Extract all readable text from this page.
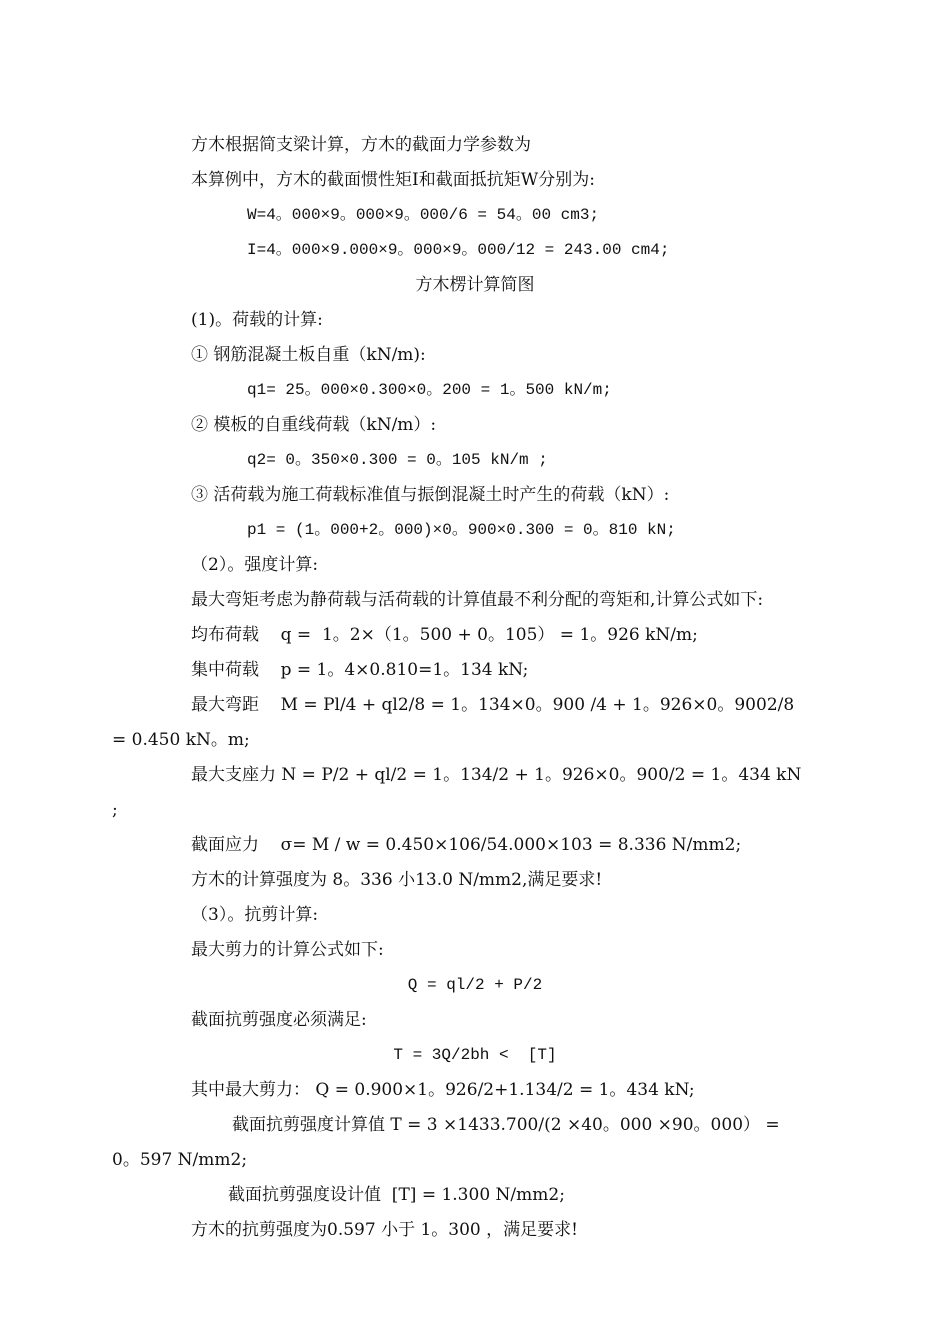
方木根据简支梁计算，方木的截面力学参数为
本算例中，方木的截面惯性矩I和截面抵抗矩W分别为:
W=4。000×9。000×9。000/6 = 54。00 cm3;
I=4。000×9.000×9。000×9。000/12 = 243.00 cm4;
方木楞计算简图
(1)。荷载的计算:
① 钢筋混凝土板自重（kN/m):
q1= 25。000×0.300×0。200 = 1。500 kN/m;
② 模板的自重线荷载（kN/m）:
q2= 0。350×0.300 = 0。105 kN/m ;
③ 活荷载为施工荷载标准值与振倒混凝土时产生的荷载（kN）:
p1 = (1。000+2。000)×0。900×0.300 = 0。810 kN;
（2）。强度计算:
最大弯矩考虑为静荷载与活荷载的计算值最不利分配的弯矩和,计算公式如下:
均布荷载    q =  1。2×（1。500 + 0。105） = 1。926 kN/m;
集中荷载    p = 1。4×0.810=1。134 kN;
最大弯距    M = Pl/4 + ql2/8 = 1。134×0。900 /4 + 1。926×0。9002/8
= 0.450 kN。m;
最大支座力 N = P/2 + ql/2 = 1。134/2 + 1。926×0。900/2 = 1。434 kN
;
截面应力    σ= M / w = 0.450×106/54.000×103 = 8.336 N/mm2;
方木的计算强度为 8。336 小13.0 N/mm2,满足要求!
（3）。抗剪计算:
最大剪力的计算公式如下:
Q = ql/2 + P/2
截面抗剪强度必须满足:
T = 3Q/2bh <  [T]
其中最大剪力： Q = 0.900×1。926/2+1.134/2 = 1。434 kN;
截面抗剪强度计算值 T = 3 ×1433.700/(2 ×40。000 ×90。000） =
0。597 N/mm2;
截面抗剪强度设计值  [T] = 1.300 N/mm2;
方木的抗剪强度为0.597 小于 1。300 ，满足要求!
